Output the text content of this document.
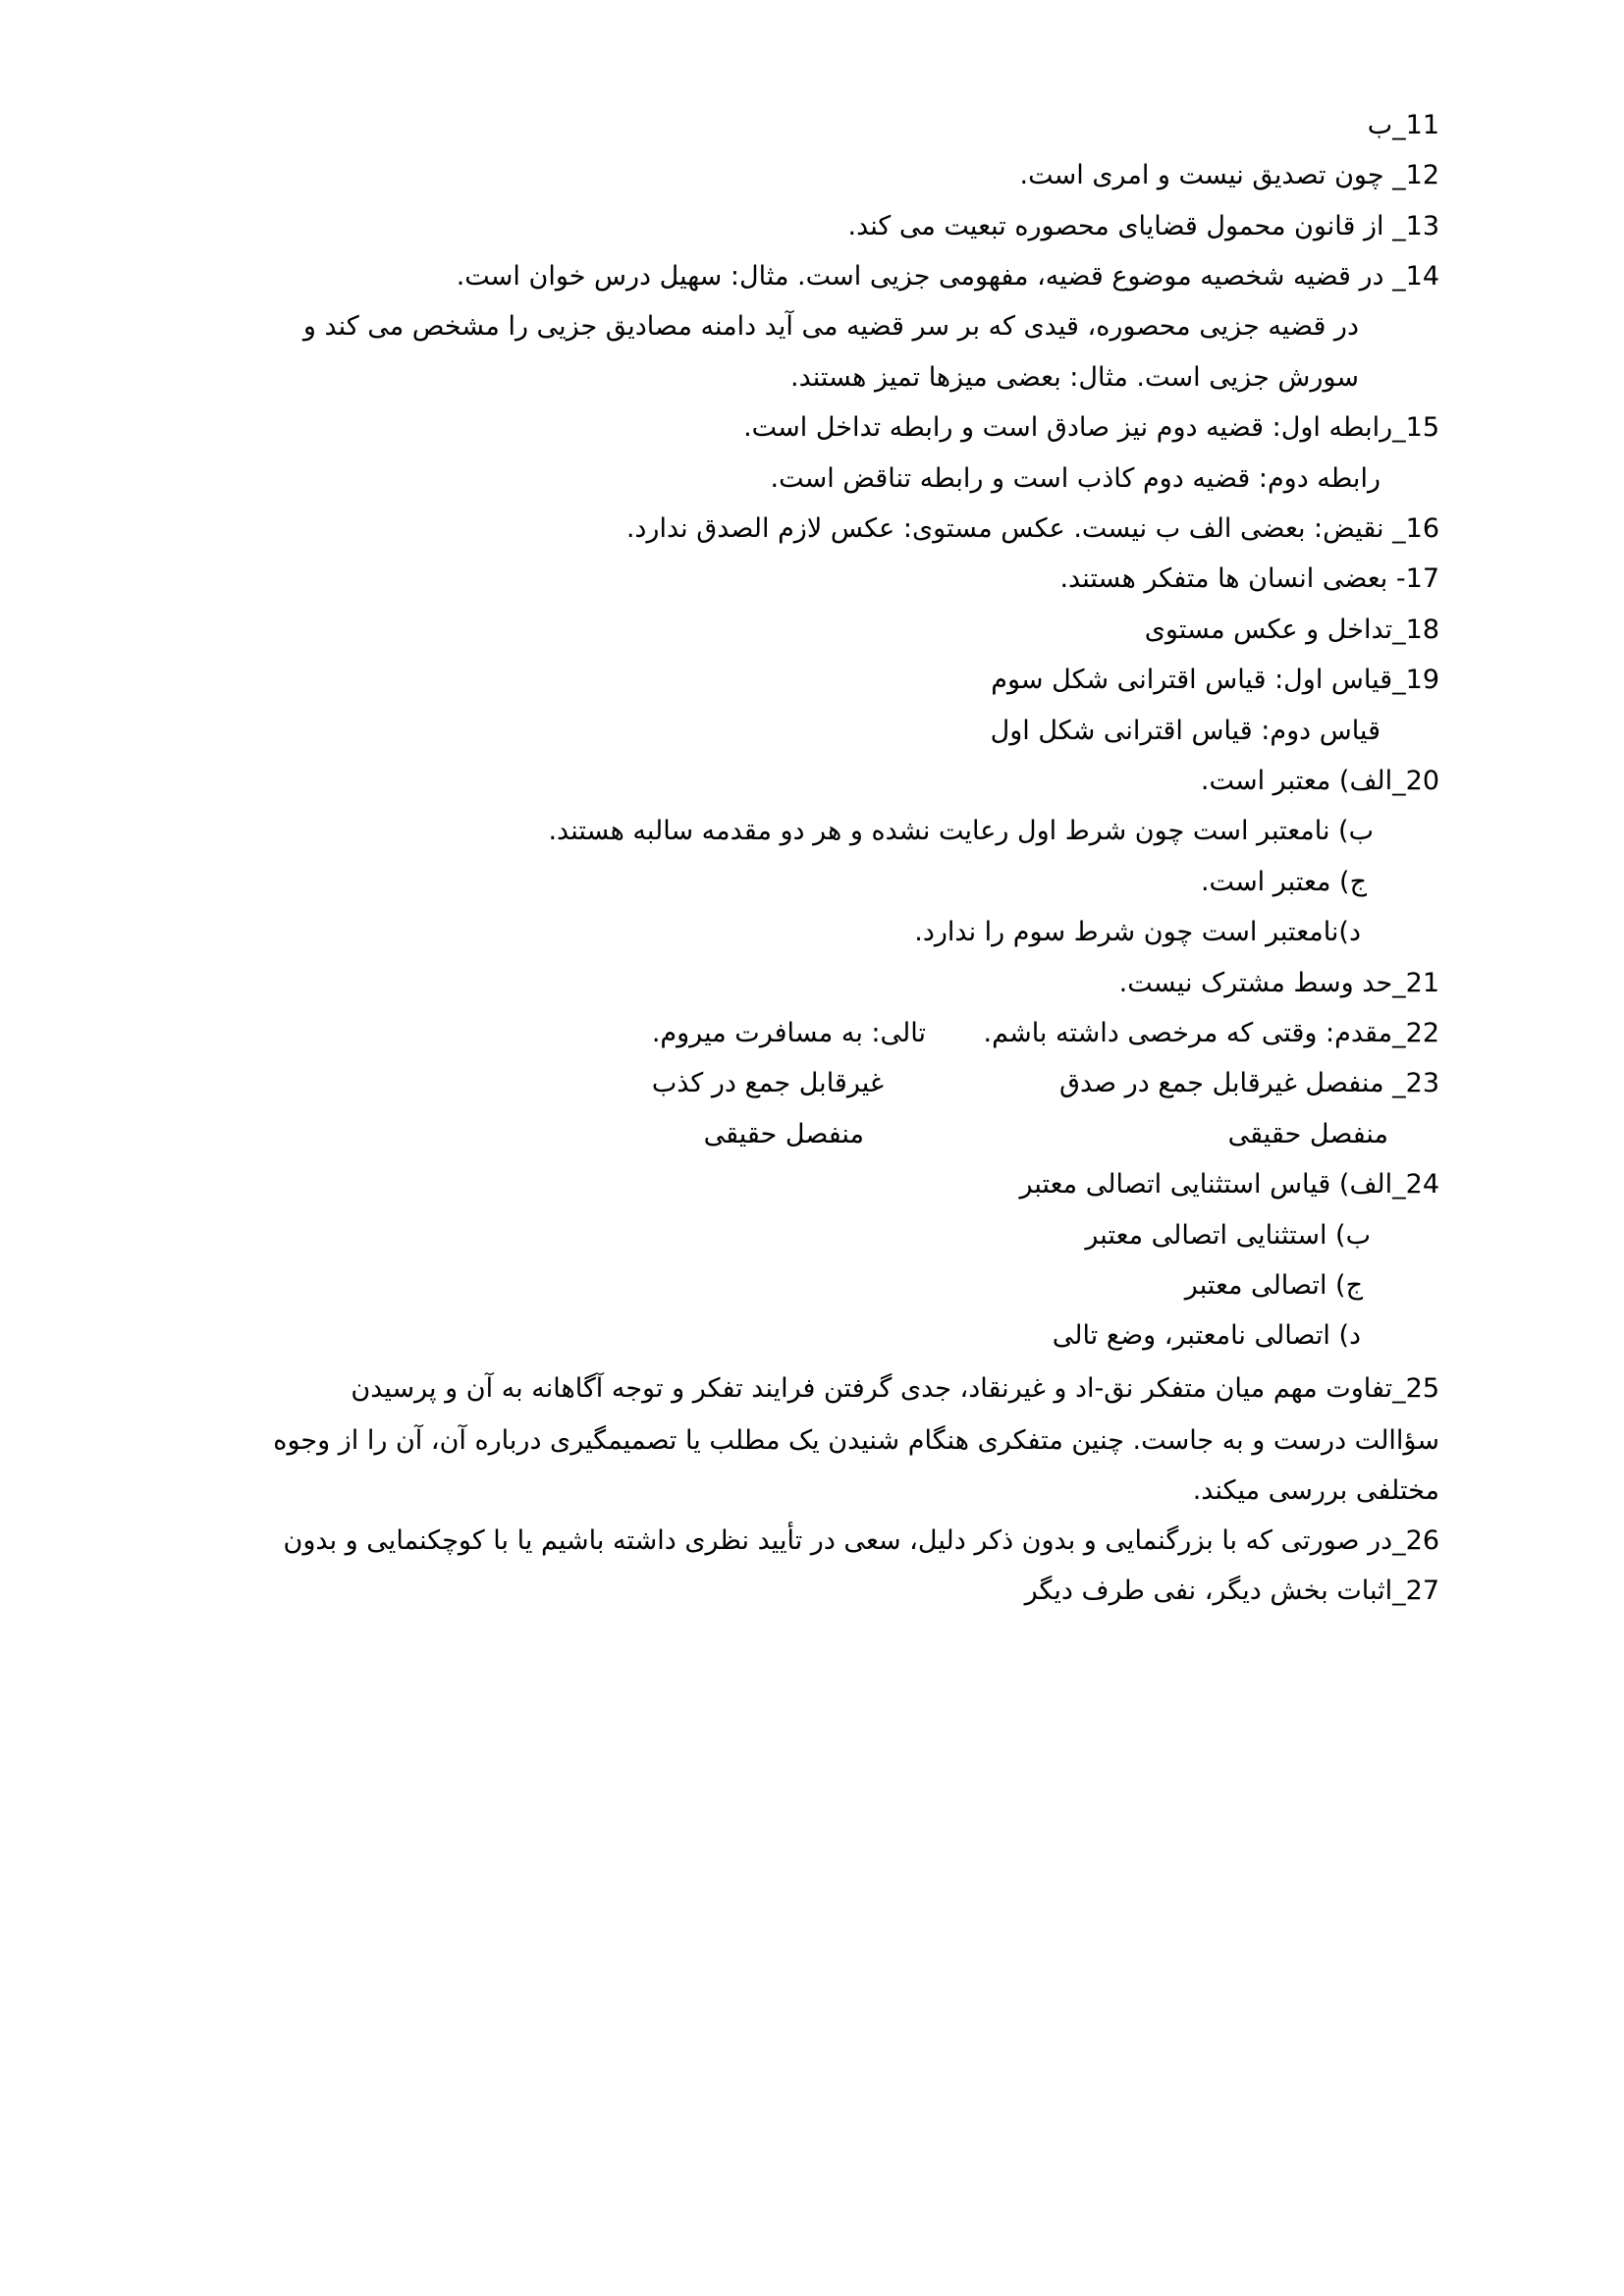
11_ب
12_ چون تصدیق نیست و امری است.
13_ از قانون محمول قضایای محصوره تبعیت می کند.
14_ در قضیه شخصیه موضوع قضیه، مفهومی جزیی است. مثال: سهیل درس خوان است.
در قضیه جزیی محصوره، قیدی که بر سر قضیه می آید دامنه مصادیق جزیی را مشخص می کند و
سورش جزیی است. مثال: بعضی میزها تمیز هستند.
15_رابطه اول: قضیه دوم نیز صادق است و رابطه تداخل است.
رابطه دوم: قضیه دوم کاذب است و رابطه تناقض است.
16_ نقیض: بعضی الف ب نیست. عکس مستوی: عکس لازم الصدق ندارد.
17- بعضی انسان ها متفکر هستند.
18_تداخل و عکس مستوی
19_قیاس اول: قیاس اقترانی شکل سوم
قیاس دوم: قیاس اقترانی شکل اول
20_الف) معتبر است.
ب) نامعتبر است چون شرط اول رعایت نشده و هر دو مقدمه سالبه هستند.
ج) معتبر است.
د)نامعتبر است چون شرط سوم را ندارد.
21_حد وسط مشترک نیست.
22_مقدم: وقتی که مرخصی داشته باشم.
تالی: به مسافرت میروم.
23_ منفصل غیرقابل جمع در صدق
غیرقابل جمع در کذب
منفصل حقیقی
منفصل حقیقی
24_الف) قیاس استثنایی اتصالی معتبر
ب) استثنایی اتصالی معتبر
ج) اتصالی معتبر
د) اتصالی نامعتبر، وضع تالی
25_تفاوت مهم میان متفکر نق-اد و غیرنقاد، جدی گرفتن فرایند تفکر و توجه آگاهانه به آن و پرسیدن
سؤاالت درست و به جاست. چنین متفکری هنگام شنیدن یک مطلب یا تصمیمگیری درباره آن، آن را از وجوه
مختلفی بررسی میکند.
26_در صورتی که با بزرگنمایی و بدون ذکر دلیل، سعی در تأیید نظری داشته باشیم یا با کوچکنمایی و بدون
27_اثبات بخش دیگر، نفی طرف دیگر
